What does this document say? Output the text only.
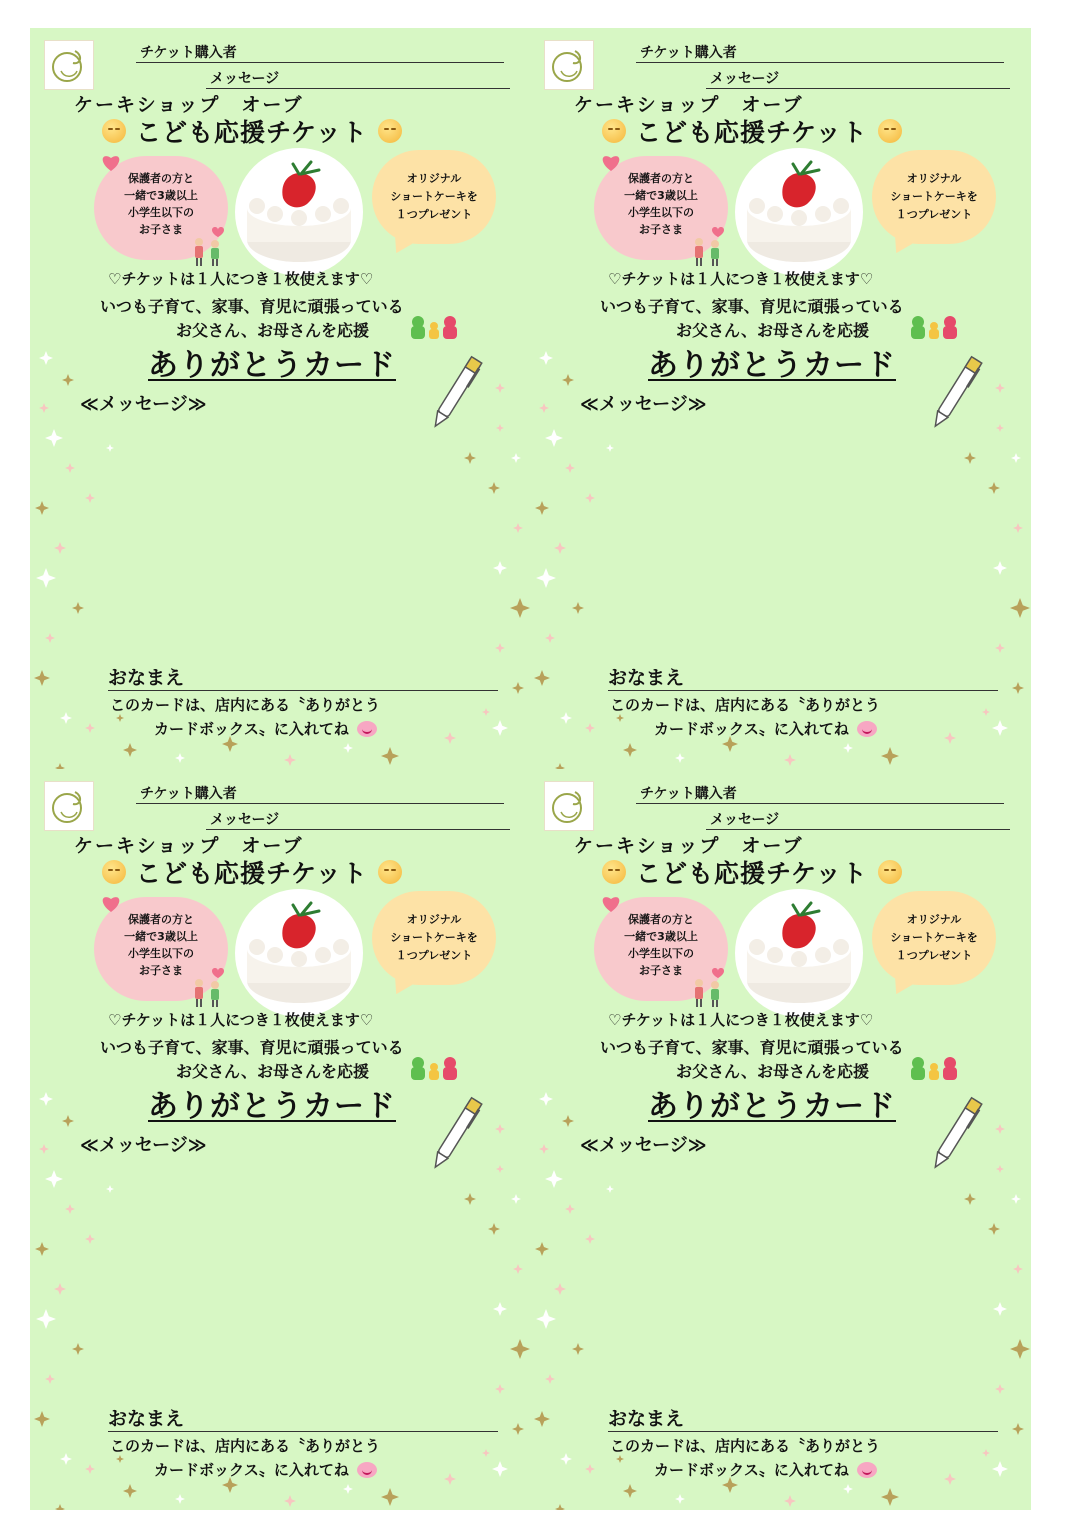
チケット購入者
メッセージ
ケーキショップ　オーブ
こども応援チケット
保護者の方と
一緒で3歳以上
小学生以下の
お子さま
オリジナル
ショートケーキを
１つプレゼント
♡チケットは１人につき１枚使えます♡
いつも子育て、家事、育児に頑張っている
お父さん、お母さんを応援
ありがとうカード
≪メッセージ≫
おなまえ
このカードは、店内にある〝ありがとう
カードボックス〟に入れてね
チケット購入者
メッセージ
ケーキショップ　オーブ
こども応援チケット
保護者の方と
一緒で3歳以上
小学生以下の
お子さま
オリジナル
ショートケーキを
１つプレゼント
♡チケットは１人につき１枚使えます♡
いつも子育て、家事、育児に頑張っている
お父さん、お母さんを応援
ありがとうカード
≪メッセージ≫
おなまえ
このカードは、店内にある〝ありがとう
カードボックス〟に入れてね
チケット購入者
メッセージ
ケーキショップ　オーブ
こども応援チケット
保護者の方と
一緒で3歳以上
小学生以下の
お子さま
オリジナル
ショートケーキを
１つプレゼント
♡チケットは１人につき１枚使えます♡
いつも子育て、家事、育児に頑張っている
お父さん、お母さんを応援
ありがとうカード
≪メッセージ≫
おなまえ
このカードは、店内にある〝ありがとう
カードボックス〟に入れてね
チケット購入者
メッセージ
ケーキショップ　オーブ
こども応援チケット
保護者の方と
一緒で3歳以上
小学生以下の
お子さま
オリジナル
ショートケーキを
１つプレゼント
♡チケットは１人につき１枚使えます♡
いつも子育て、家事、育児に頑張っている
お父さん、お母さんを応援
ありがとうカード
≪メッセージ≫
おなまえ
このカードは、店内にある〝ありがとう
カードボックス〟に入れてね
